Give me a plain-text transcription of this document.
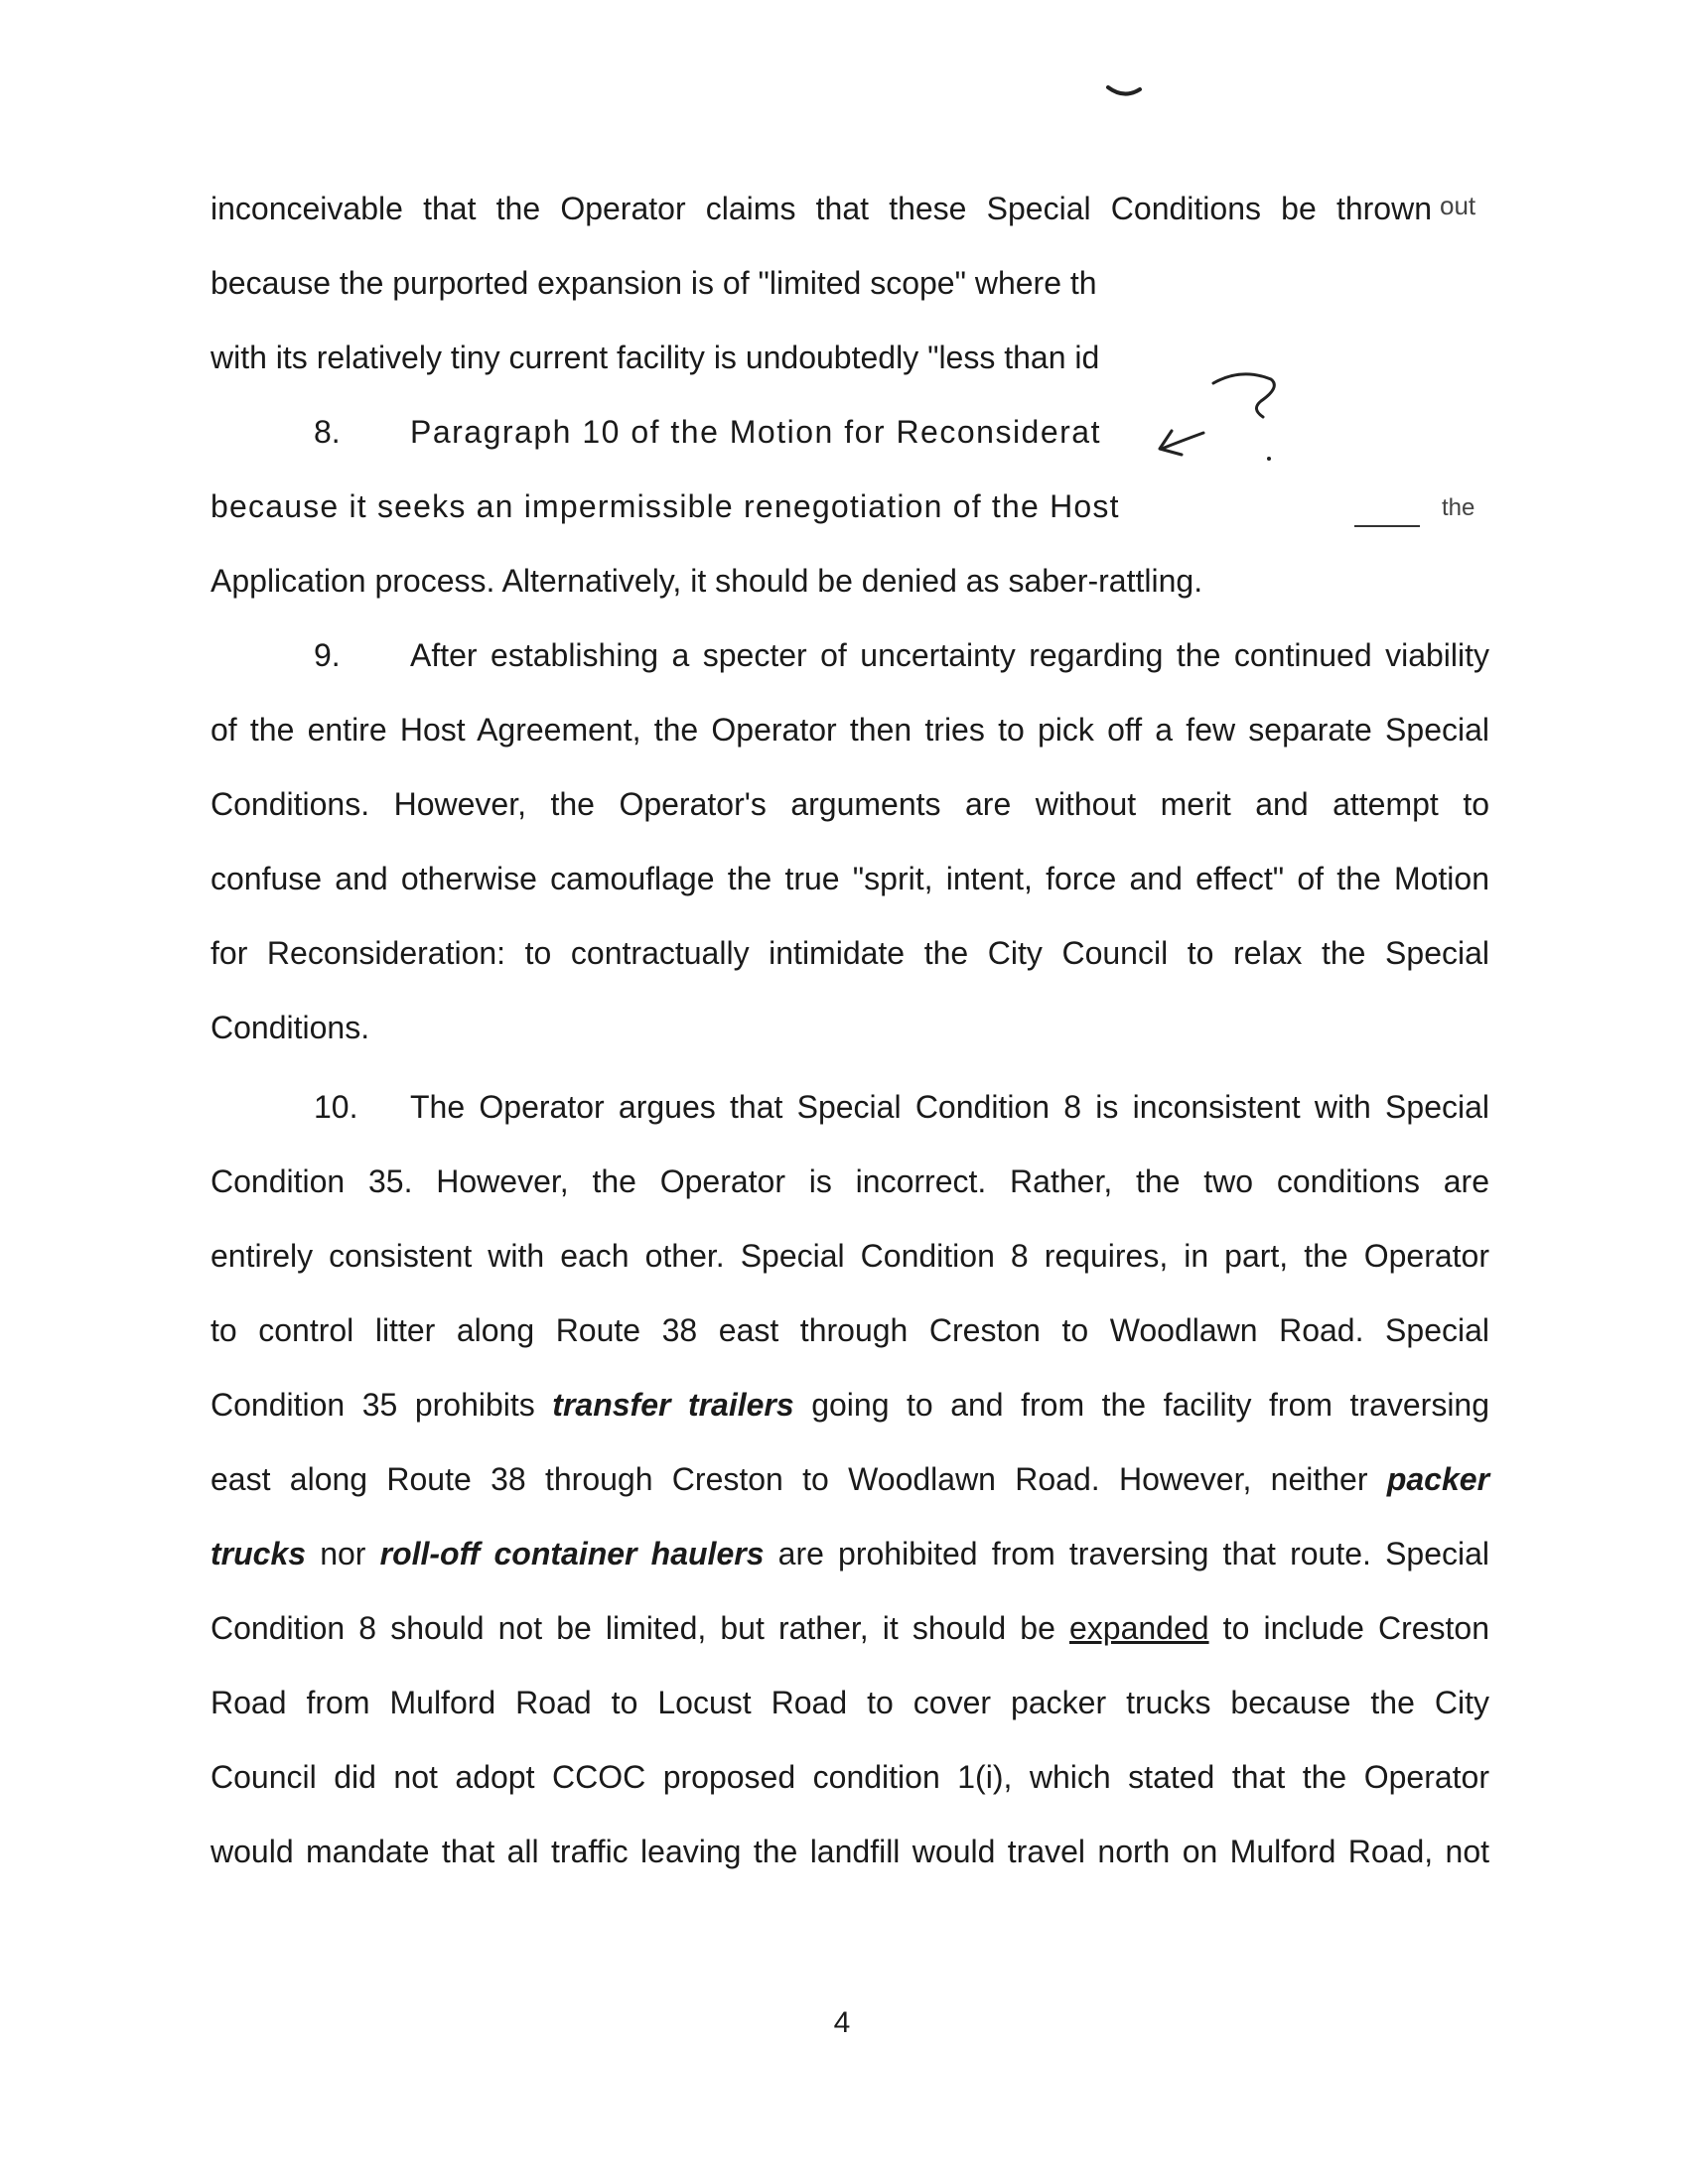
inconceivable that the Operator claims that these Special Conditions be thrown out
because the purported expansion is of "limited scope" where th
with its relatively tiny current facility is undoubtedly "less than id
8. Paragraph 10 of the Motion for Reconsiderat
because it seeks an impermissible renegotiation of the Host	the
Application process. Alternatively, it should be denied as saber-rattling.
9. After establishing a specter of uncertainty regarding the continued viability
of the entire Host Agreement, the Operator then tries to pick off a few separate Special
Conditions. However, the Operator's arguments are without merit and attempt to
confuse and otherwise camouflage the true "sprit, intent, force and effect" of the Motion
for Reconsideration: to contractually intimidate the City Council to relax the Special
Conditions.
10. The Operator argues that Special Condition 8 is inconsistent with Special
Condition 35. However, the Operator is incorrect. Rather, the two conditions are
entirely consistent with each other. Special Condition 8 requires, in part, the Operator
to control litter along Route 38 east through Creston to Woodlawn Road. Special
Condition 35 prohibits transfer trailers going to and from the facility from traversing
east along Route 38 through Creston to Woodlawn Road. However, neither packer
trucks nor roll-off container haulers are prohibited from traversing that route. Special
Condition 8 should not be limited, but rather, it should be expanded to include Creston
Road from Mulford Road to Locust Road to cover packer trucks because the City
Council did not adopt CCOC proposed condition 1(i), which stated that the Operator
would mandate that all traffic leaving the landfill would travel north on Mulford Road, not
4
